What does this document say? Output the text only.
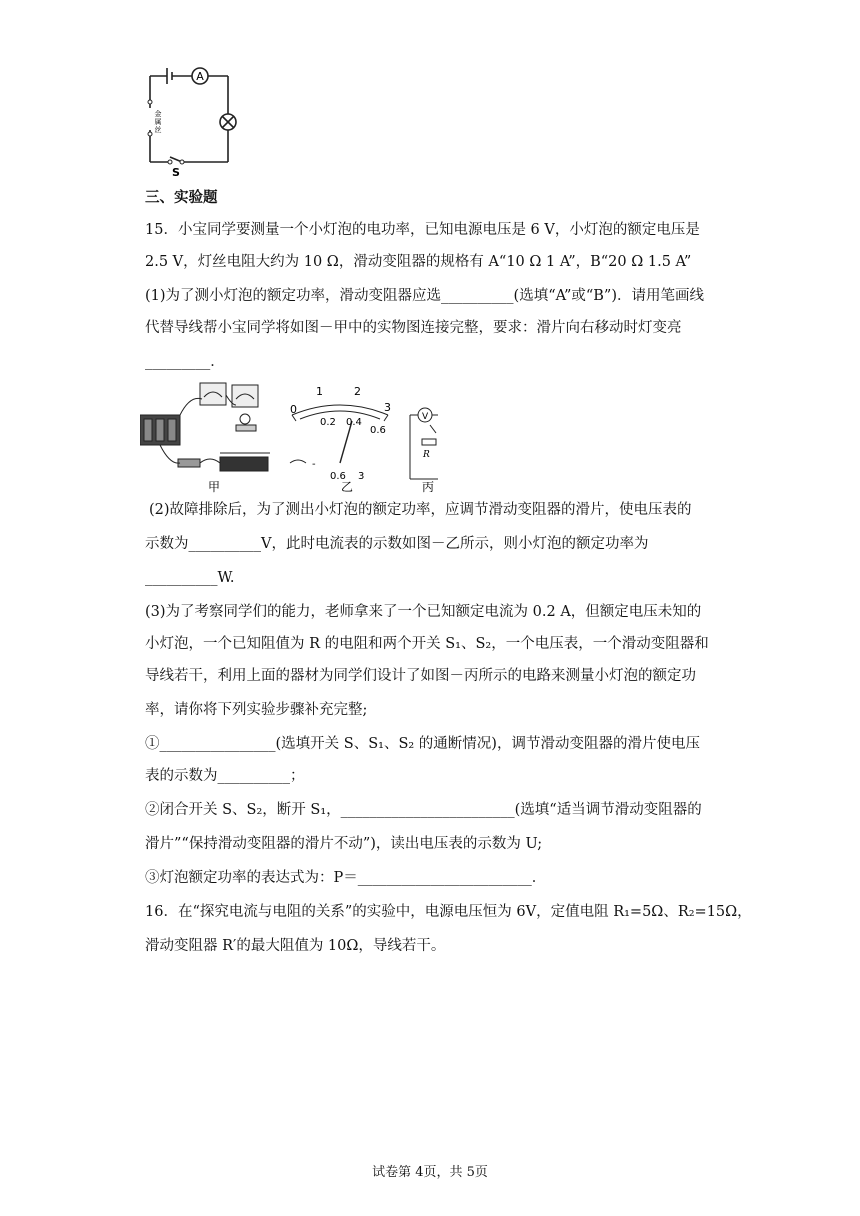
A
金
属
丝
S
三、实验题
15．小宝同学要测量一个小灯泡的电功率，已知电源电压是 6 V，小灯泡的额定电压是
2.5 V，灯丝电阻大约为 10 Ω，滑动变阻器的规格有 A“10 Ω 1 A”，B“20 Ω 1.5 A”
(1)为了测小灯泡的额定功率，滑动变阻器应选__________(选填“A”或“B”)．请用笔画线
代替导线帮小宝同学将如图－甲中的实物图连接完整，要求：滑片向右移动时灯变亮
_________．
甲
0
1	2
3
0.2 0.4
0.6
-
0.6 3
乙
V
R
丙
(2)故障排除后，为了测出小灯泡的额定功率，应调节滑动变阻器的滑片，使电压表的
示数为__________V，此时电流表的示数如图－乙所示，则小灯泡的额定功率为
__________W.
(3)为了考察同学们的能力，老师拿来了一个已知额定电流为 0.2 A，但额定电压未知的
小灯泡，一个已知阻值为 R 的电阻和两个开关 S₁、S₂，一个电压表，一个滑动变阻器和
导线若干，利用上面的器材为同学们设计了如图－丙所示的电路来测量小灯泡的额定功
率，请你将下列实验步骤补充完整;
①________________(选填开关 S、S₁、S₂ 的通断情况)，调节滑动变阻器的滑片使电压
表的示数为__________；
②闭合开关 S、S₂，断开 S₁，________________________(选填“适当调节滑动变阻器的
滑片”“保持滑动变阻器的滑片不动”)，读出电压表的示数为 U;
③灯泡额定功率的表达式为：P＝________________________．
16．在“探究电流与电阻的关系”的实验中，电源电压恒为 6V，定值电阻 R₁=5Ω、R₂=15Ω，
滑动变阻器 R′的最大阻值为 10Ω，导线若干。
试卷第 4页，共 5页
